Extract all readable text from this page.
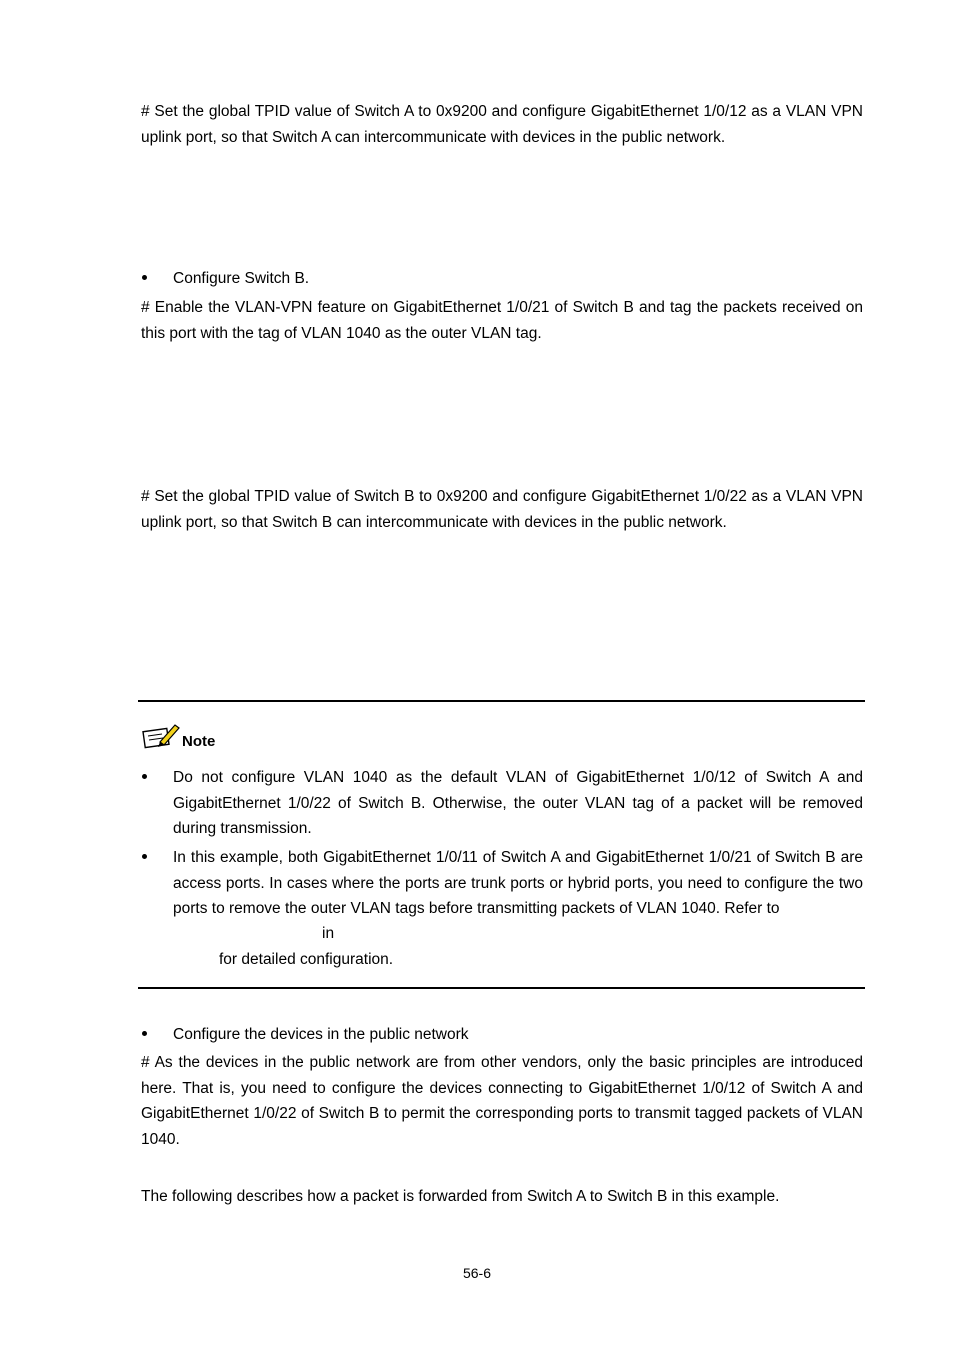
# Set the global TPID value of Switch A to 0x9200 and configure GigabitEthernet 1/0/12 as a VLAN VPN uplink port, so that Switch A can intercommunicate with devices in the public network.

Configure Switch B.

# Enable the VLAN-VPN feature on GigabitEthernet 1/0/21 of Switch B and tag the packets received on this port with the tag of VLAN 1040 as the outer VLAN tag.

# Set the global TPID value of Switch B to 0x9200 and configure GigabitEthernet 1/0/22 as a VLAN VPN uplink port, so that Switch B can intercommunicate with devices in the public network.

Note

Do not configure VLAN 1040 as the default VLAN of GigabitEthernet 1/0/12 of Switch A and GigabitEthernet 1/0/22 of Switch B. Otherwise, the outer VLAN tag of a packet will be removed during transmission.

In this example, both GigabitEthernet 1/0/11 of Switch A and GigabitEthernet 1/0/21 of Switch B are access ports. In cases where the ports are trunk ports or hybrid ports, you need to configure the two ports to remove the outer VLAN tags before transmitting packets of VLAN 1040. Refer to

in
for detailed configuration.

Configure the devices in the public network

# As the devices in the public network are from other vendors, only the basic principles are introduced here. That is, you need to configure the devices connecting to GigabitEthernet 1/0/12 of Switch A and GigabitEthernet 1/0/22 of Switch B to permit the corresponding ports to transmit tagged packets of VLAN 1040.

The following describes how a packet is forwarded from Switch A to Switch B in this example.

56-6
